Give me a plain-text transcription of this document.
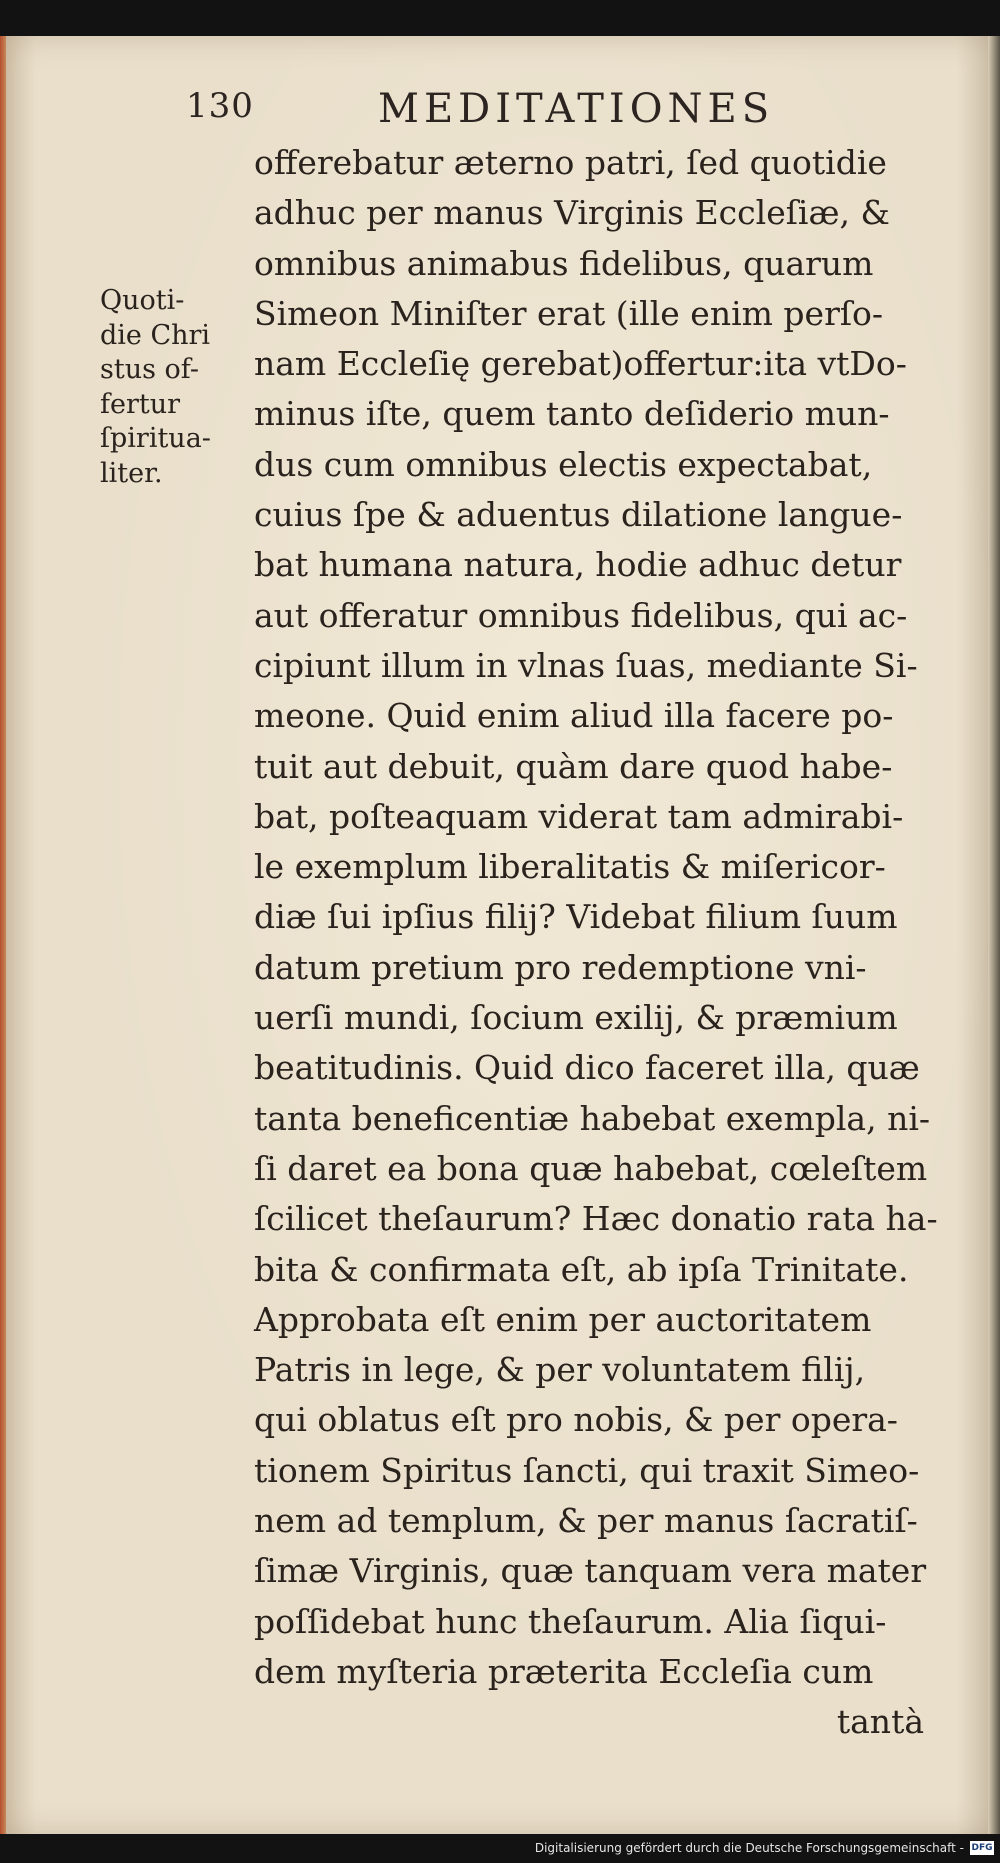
130	MEDITATIONES
Quoti-
die Chri
stus of-
fertur
ſpiritua-
liter.
offerebatur æterno patri, ſed quotidie
adhuc per manus Virginis Eccleſiæ, &
omnibus animabus fidelibus, quarum
Simeon Miniſter erat (ille enim perſo-
nam Eccleſię gerebat)offertur:ita vtDo-
minus iſte, quem tanto deſiderio mun-
dus cum omnibus electis expectabat,
cuius ſpe & aduentus dilatione langue-
bat humana natura, hodie adhuc detur
aut offeratur omnibus fidelibus, qui ac-
cipiunt illum in vlnas ſuas, mediante Si-
meone. Quid enim aliud illa facere po-
tuit aut debuit, quàm dare quod habe-
bat, poſteaquam viderat tam admirabi-
le exemplum liberalitatis & miſericor-
diæ ſui ipſius filij? Videbat filium ſuum
datum pretium pro redemptione vni-
uerſi mundi, ſocium exilij, & præmium
beatitudinis. Quid dico faceret illa, quæ
tanta beneficentiæ habebat exempla, ni-
ſi daret ea bona quæ habebat, cœleſtem
ſcilicet theſaurum? Hæc donatio rata ha-
bita & confirmata eſt, ab ipſa Trinitate.
Approbata eſt enim per auctoritatem
Patris in lege, & per voluntatem filij,
qui oblatus eſt pro nobis, & per opera-
tionem Spiritus ſancti, qui traxit Simeo-
nem ad templum, & per manus ſacratiſ-
ſimæ Virginis, quæ tanquam vera mater
poſſidebat hunc theſaurum. Alia ſiqui-
dem myſteria præterita Eccleſia cum
tantà
Digitalisierung gefördert durch die Deutsche Forschungsgemeinschaft - DFG
